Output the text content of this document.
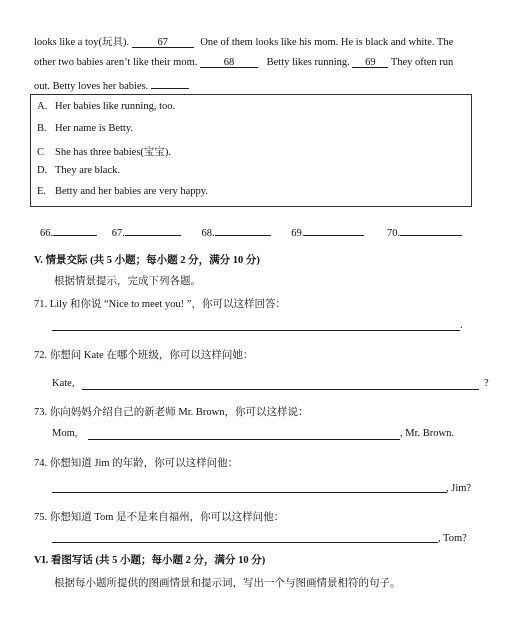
looks like a toy(玩具).	67	One of them looks like his mom. He is black and white. The
other two babies aren’t like their mom.	68	Betty likes running. 69 They often run
out. Betty loves her babies.
A. Her babies like running, too.
B. Her name is Betty.
C She has three babies(宝宝).
D. They are black.
E. Betty and her babies are very happy.
66.	67.	68.	69.	70.
V. 情景交际 (共 5 小题；每小题 2 分，满分 10 分)
根据情景提示，完成下列各题。
71. Lily 和你说 “Nice to meet you! ”，你可以这样回答：
.
72. 你想问 Kate 在哪个班级，你可以这样问她：
Kate,	?
73. 你向妈妈介绍自己的新老师 Mr. Brown，你可以这样说：
Mom,	, Mr. Brown.
74. 你想知道 Jim 的年龄，你可以这样问他：
, Jim?
75. 你想知道 Tom 是不是来自福州，你可以这样问他：
, Tom?
VI. 看图写话 (共 5 小题；每小题 2 分，满分 10 分)
根据每小题所提供的图画情景和提示词，写出一个与图画情景相符的句子。
